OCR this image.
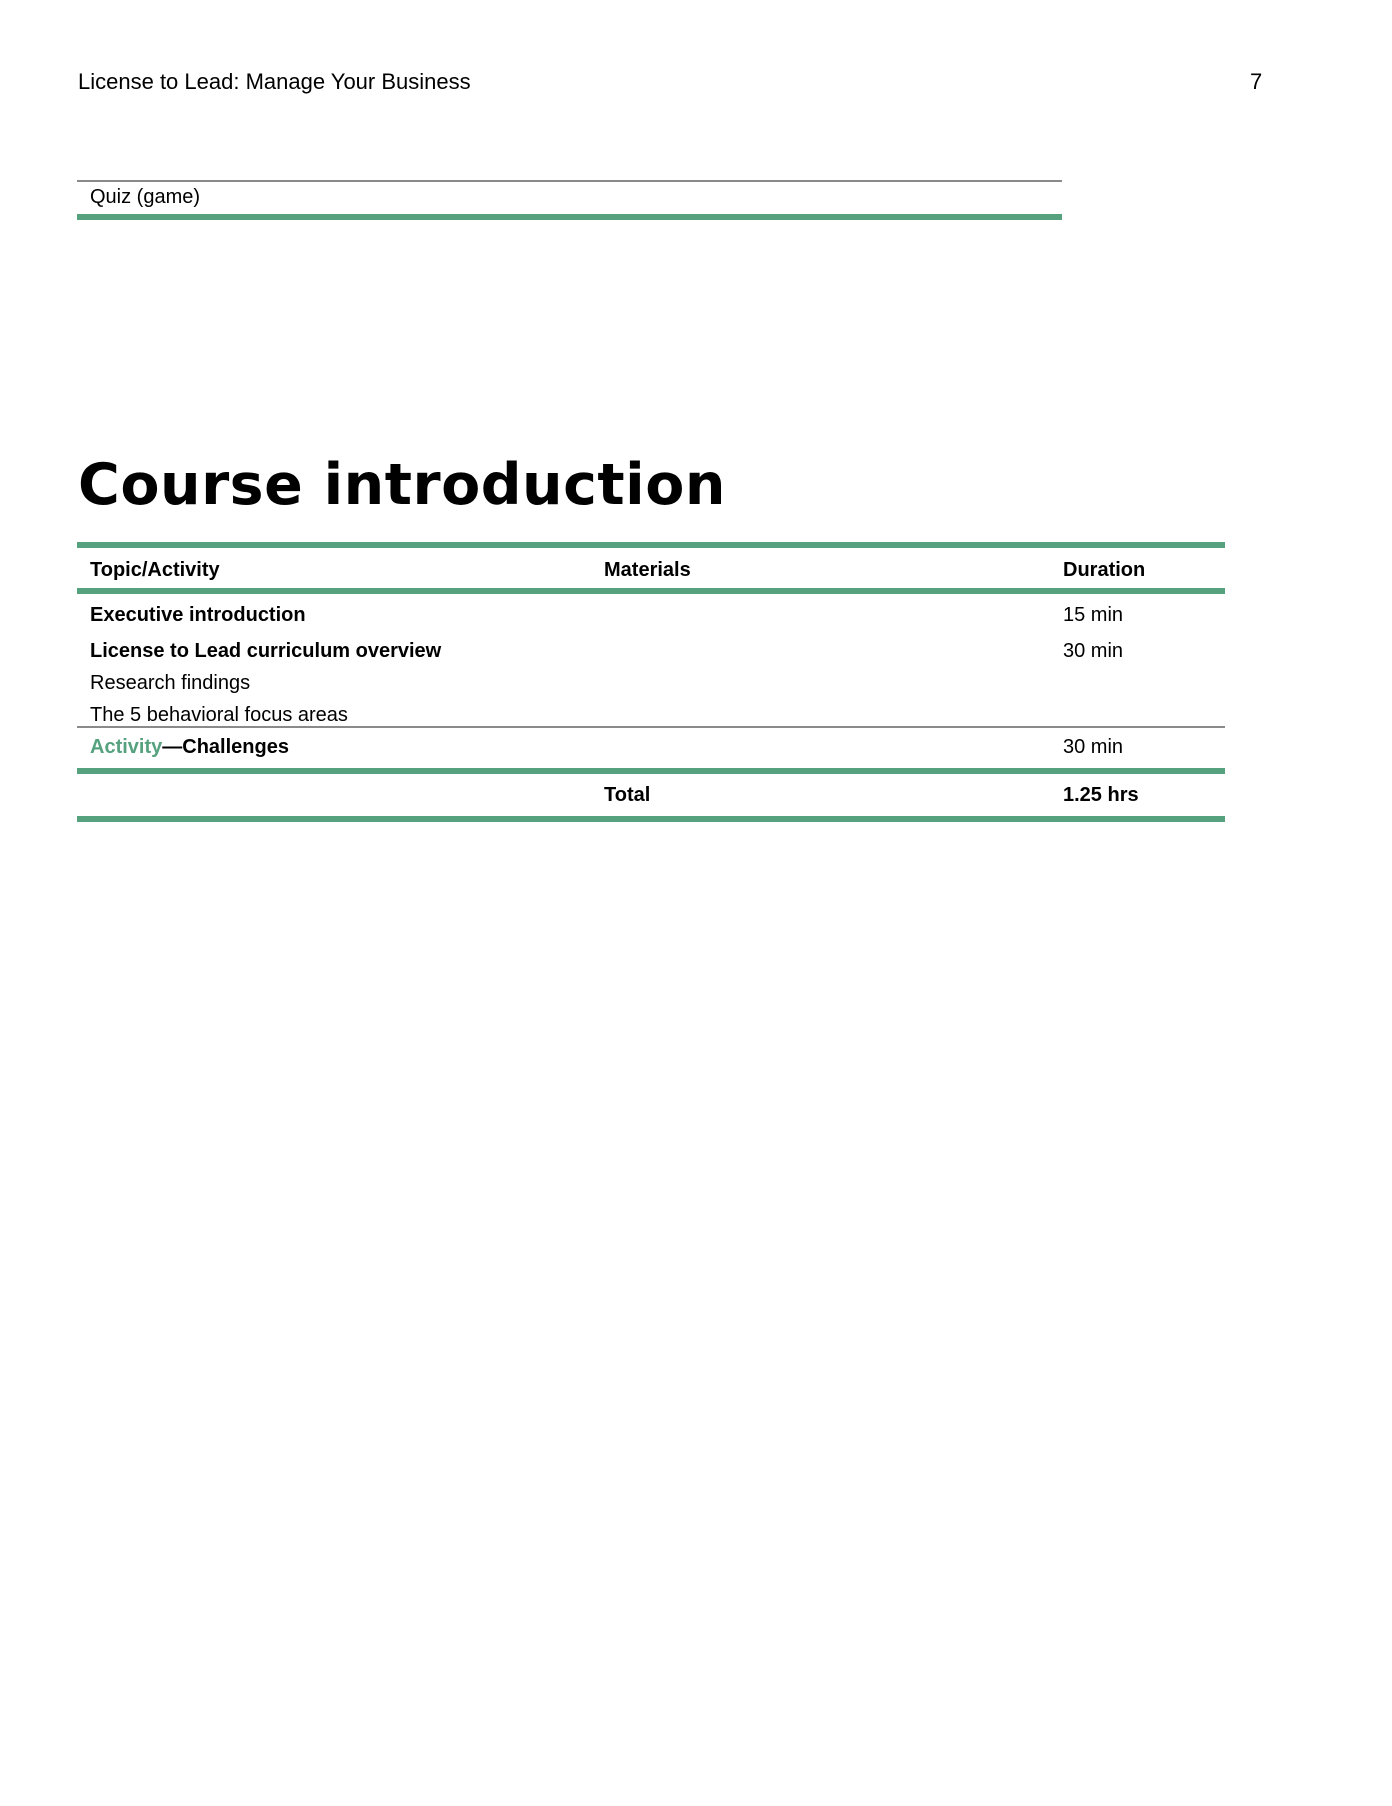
License to Lead: Manage Your Business	7
Quiz (game)
Course introduction
Topic/Activity	Materials	Duration
Executive introduction	15 min
License to Lead curriculum overview	30 min
Research findings
The 5 behavioral focus areas
Activity—Challenges	30 min
Total	1.25 hrs
